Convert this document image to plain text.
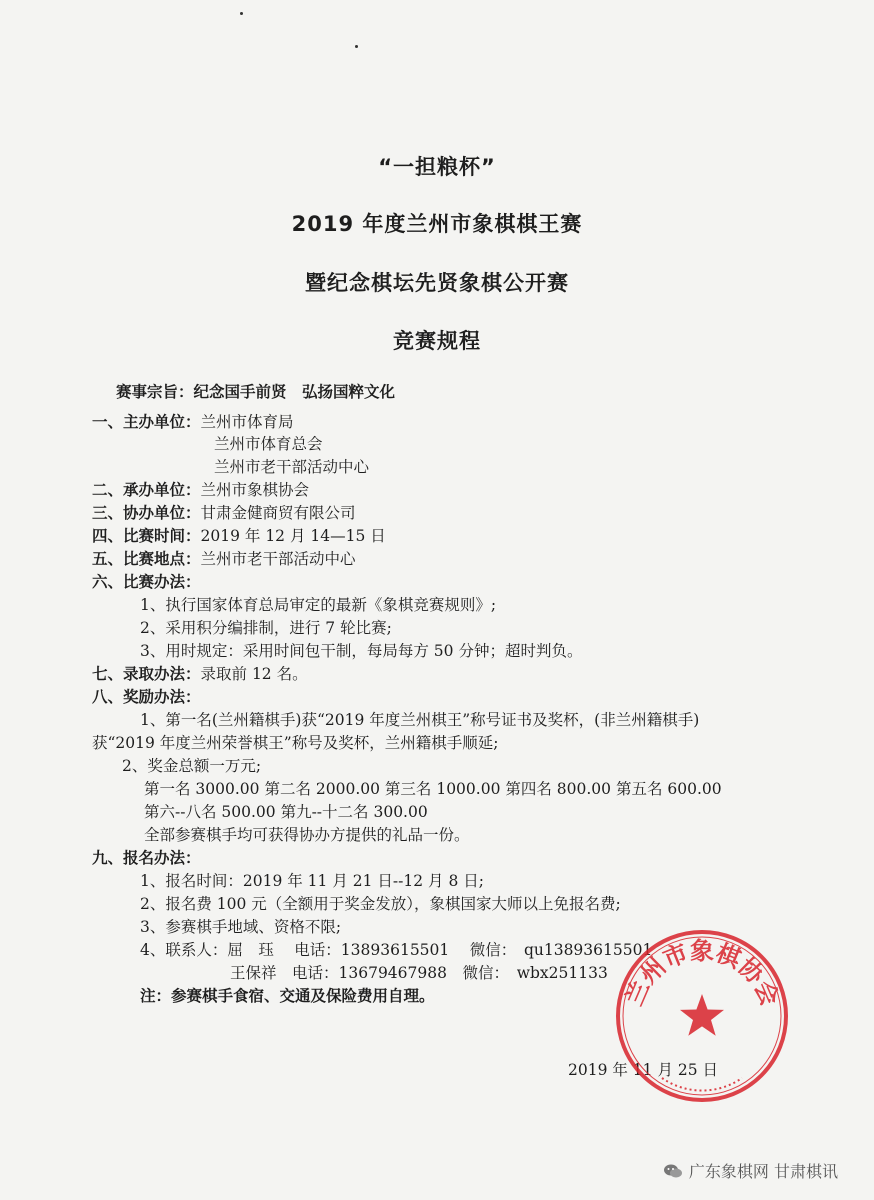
“一担粮杯”
2019 年度兰州市象棋棋王赛
暨纪念棋坛先贤象棋公开赛
竞赛规程
赛事宗旨：纪念国手前贤　弘扬国粹文化
一、主办单位：兰州市体育局
兰州市体育总会
兰州市老干部活动中心
二、承办单位：兰州市象棋协会
三、协办单位：甘肃金健商贸有限公司
四、比赛时间：2019 年 12 月 14—15 日
五、比赛地点：兰州市老干部活动中心
六、比赛办法：
1、执行国家体育总局审定的最新《象棋竞赛规则》;
2、采用积分编排制，进行 7 轮比赛;
3、用时规定：采用时间包干制，每局每方 50 分钟；超时判负。
七、录取办法：录取前 12 名。
八、奖励办法：
1、第一名(兰州籍棋手)获“2019 年度兰州棋王”称号证书及奖杯，(非兰州籍棋手)
获“2019 年度兰州荣誉棋王”称号及奖杯，兰州籍棋手顺延;
2、奖金总额一万元;
第一名 3000.00 第二名 2000.00 第三名 1000.00 第四名 800.00 第五名 600.00
第六--八名 500.00 第九--十二名 300.00
全部参赛棋手均可获得协办方提供的礼品一份。
九、报名办法：
1、报名时间：2019 年 11 月 21 日--12 月 8 日;
2、报名费 100 元（全额用于奖金发放），象棋国家大师以上免报名费;
3、参赛棋手地域、资格不限;
4、联系人：屈　珏　 电话：13893615501　 微信：　qu13893615501
王保祥　电话：13679467988　微信：　wbx251133
注：参赛棋手食宿、交通及保险费用自理。
2019 年 11 月 25 日
兰州市象棋协会
广东象棋网 甘肃棋讯
